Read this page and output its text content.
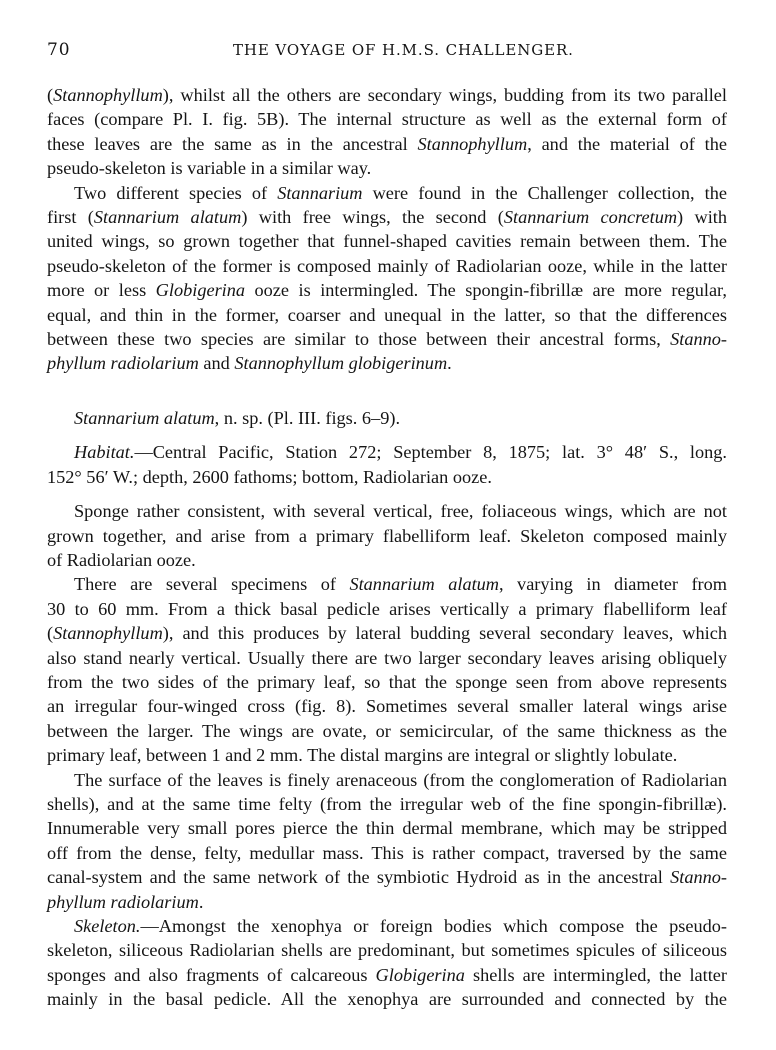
70	THE VOYAGE OF H.M.S. CHALLENGER.
(Stannophyllum), whilst all the others are secondary wings, budding from its two parallel
faces (compare Pl. I. fig. 5B). The internal structure as well as the external form of
these leaves are the same as in the ancestral Stannophyllum, and the material of the
pseudo-skeleton is variable in a similar way.
Two different species of Stannarium were found in the Challenger collection, the
first (Stannarium alatum) with free wings, the second (Stannarium concretum) with
united wings, so grown together that funnel-shaped cavities remain between them. The
pseudo-skeleton of the former is composed mainly of Radiolarian ooze, while in the latter
more or less Globigerina ooze is intermingled. The spongin-fibrillæ are more regular,
equal, and thin in the former, coarser and unequal in the latter, so that the differences
between these two species are similar to those between their ancestral forms, Stanno-
phyllum radiolarium and Stannophyllum globigerinum.
Stannarium alatum, n. sp. (Pl. III. figs. 6–9).
Habitat.—Central Pacific, Station 272; September 8, 1875; lat. 3° 48′ S., long.
152° 56′ W.; depth, 2600 fathoms; bottom, Radiolarian ooze.
Sponge rather consistent, with several vertical, free, foliaceous wings, which are not
grown together, and arise from a primary flabelliform leaf. Skeleton composed mainly
of Radiolarian ooze.
There are several specimens of Stannarium alatum, varying in diameter from
30 to 60 mm. From a thick basal pedicle arises vertically a primary flabelliform leaf
(Stannophyllum), and this produces by lateral budding several secondary leaves, which
also stand nearly vertical. Usually there are two larger secondary leaves arising obliquely
from the two sides of the primary leaf, so that the sponge seen from above represents
an irregular four-winged cross (fig. 8). Sometimes several smaller lateral wings arise
between the larger. The wings are ovate, or semicircular, of the same thickness as the
primary leaf, between 1 and 2 mm. The distal margins are integral or slightly lobulate.
The surface of the leaves is finely arenaceous (from the conglomeration of Radiolarian
shells), and at the same time felty (from the irregular web of the fine spongin-fibrillæ).
Innumerable very small pores pierce the thin dermal membrane, which may be stripped
off from the dense, felty, medullar mass. This is rather compact, traversed by the same
canal-system and the same network of the symbiotic Hydroid as in the ancestral Stanno-
phyllum radiolarium.
Skeleton.—Amongst the xenophya or foreign bodies which compose the pseudo-
skeleton, siliceous Radiolarian shells are predominant, but sometimes spicules of siliceous
sponges and also fragments of calcareous Globigerina shells are intermingled, the latter
mainly in the basal pedicle. All the xenophya are surrounded and connected by the
